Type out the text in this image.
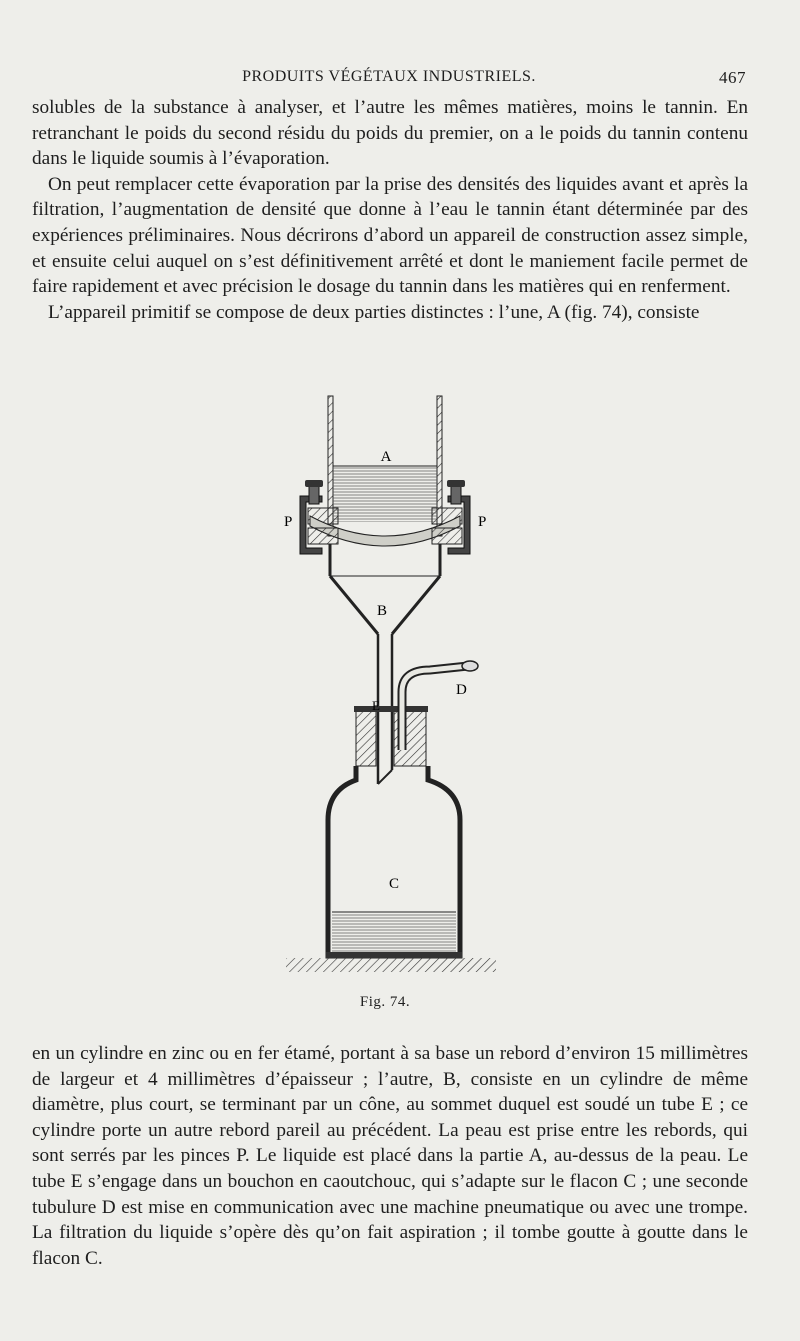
PRODUITS VÉGÉTAUX INDUSTRIELS.	467

solubles de la substance à analyser, et l’autre les mêmes matières, moins le tannin. En retranchant le poids du second résidu du poids du premier, on a le poids du tannin contenu dans le liquide soumis à l’évaporation.

On peut remplacer cette évaporation par la prise des densités des liquides avant et après la filtration, l’augmentation de densité que donne à l’eau le tannin étant déterminée par des expériences préliminaires. Nous décrirons d’abord un appareil de construction assez simple, et ensuite celui auquel on s’est définitivement arrêté et dont le maniement facile permet de faire rapidement et avec précision le dosage du tannin dans les matières qui en renferment.

L’appareil primitif se compose de deux parties distinctes : l’une, A (fig. 74), consiste

A
P	P
B
D
E
C
Fig. 74.

en un cylindre en zinc ou en fer étamé, portant à sa base un rebord d’environ 15 millimètres de largeur et 4 millimètres d’épaisseur ; l’autre, B, consiste en un cylindre de même diamètre, plus court, se terminant par un cône, au sommet duquel est soudé un tube E ; ce cylindre porte un autre rebord pareil au précédent. La peau est prise entre les rebords, qui sont serrés par les pinces P. Le liquide est placé dans la partie A, au-dessus de la peau. Le tube E s’engage dans un bouchon en caoutchouc, qui s’adapte sur le flacon C ; une seconde tubulure D est mise en communication avec une machine pneumatique ou avec une trompe. La filtration du liquide s’opère dès qu’on fait aspiration ; il tombe goutte à goutte dans le flacon C.
